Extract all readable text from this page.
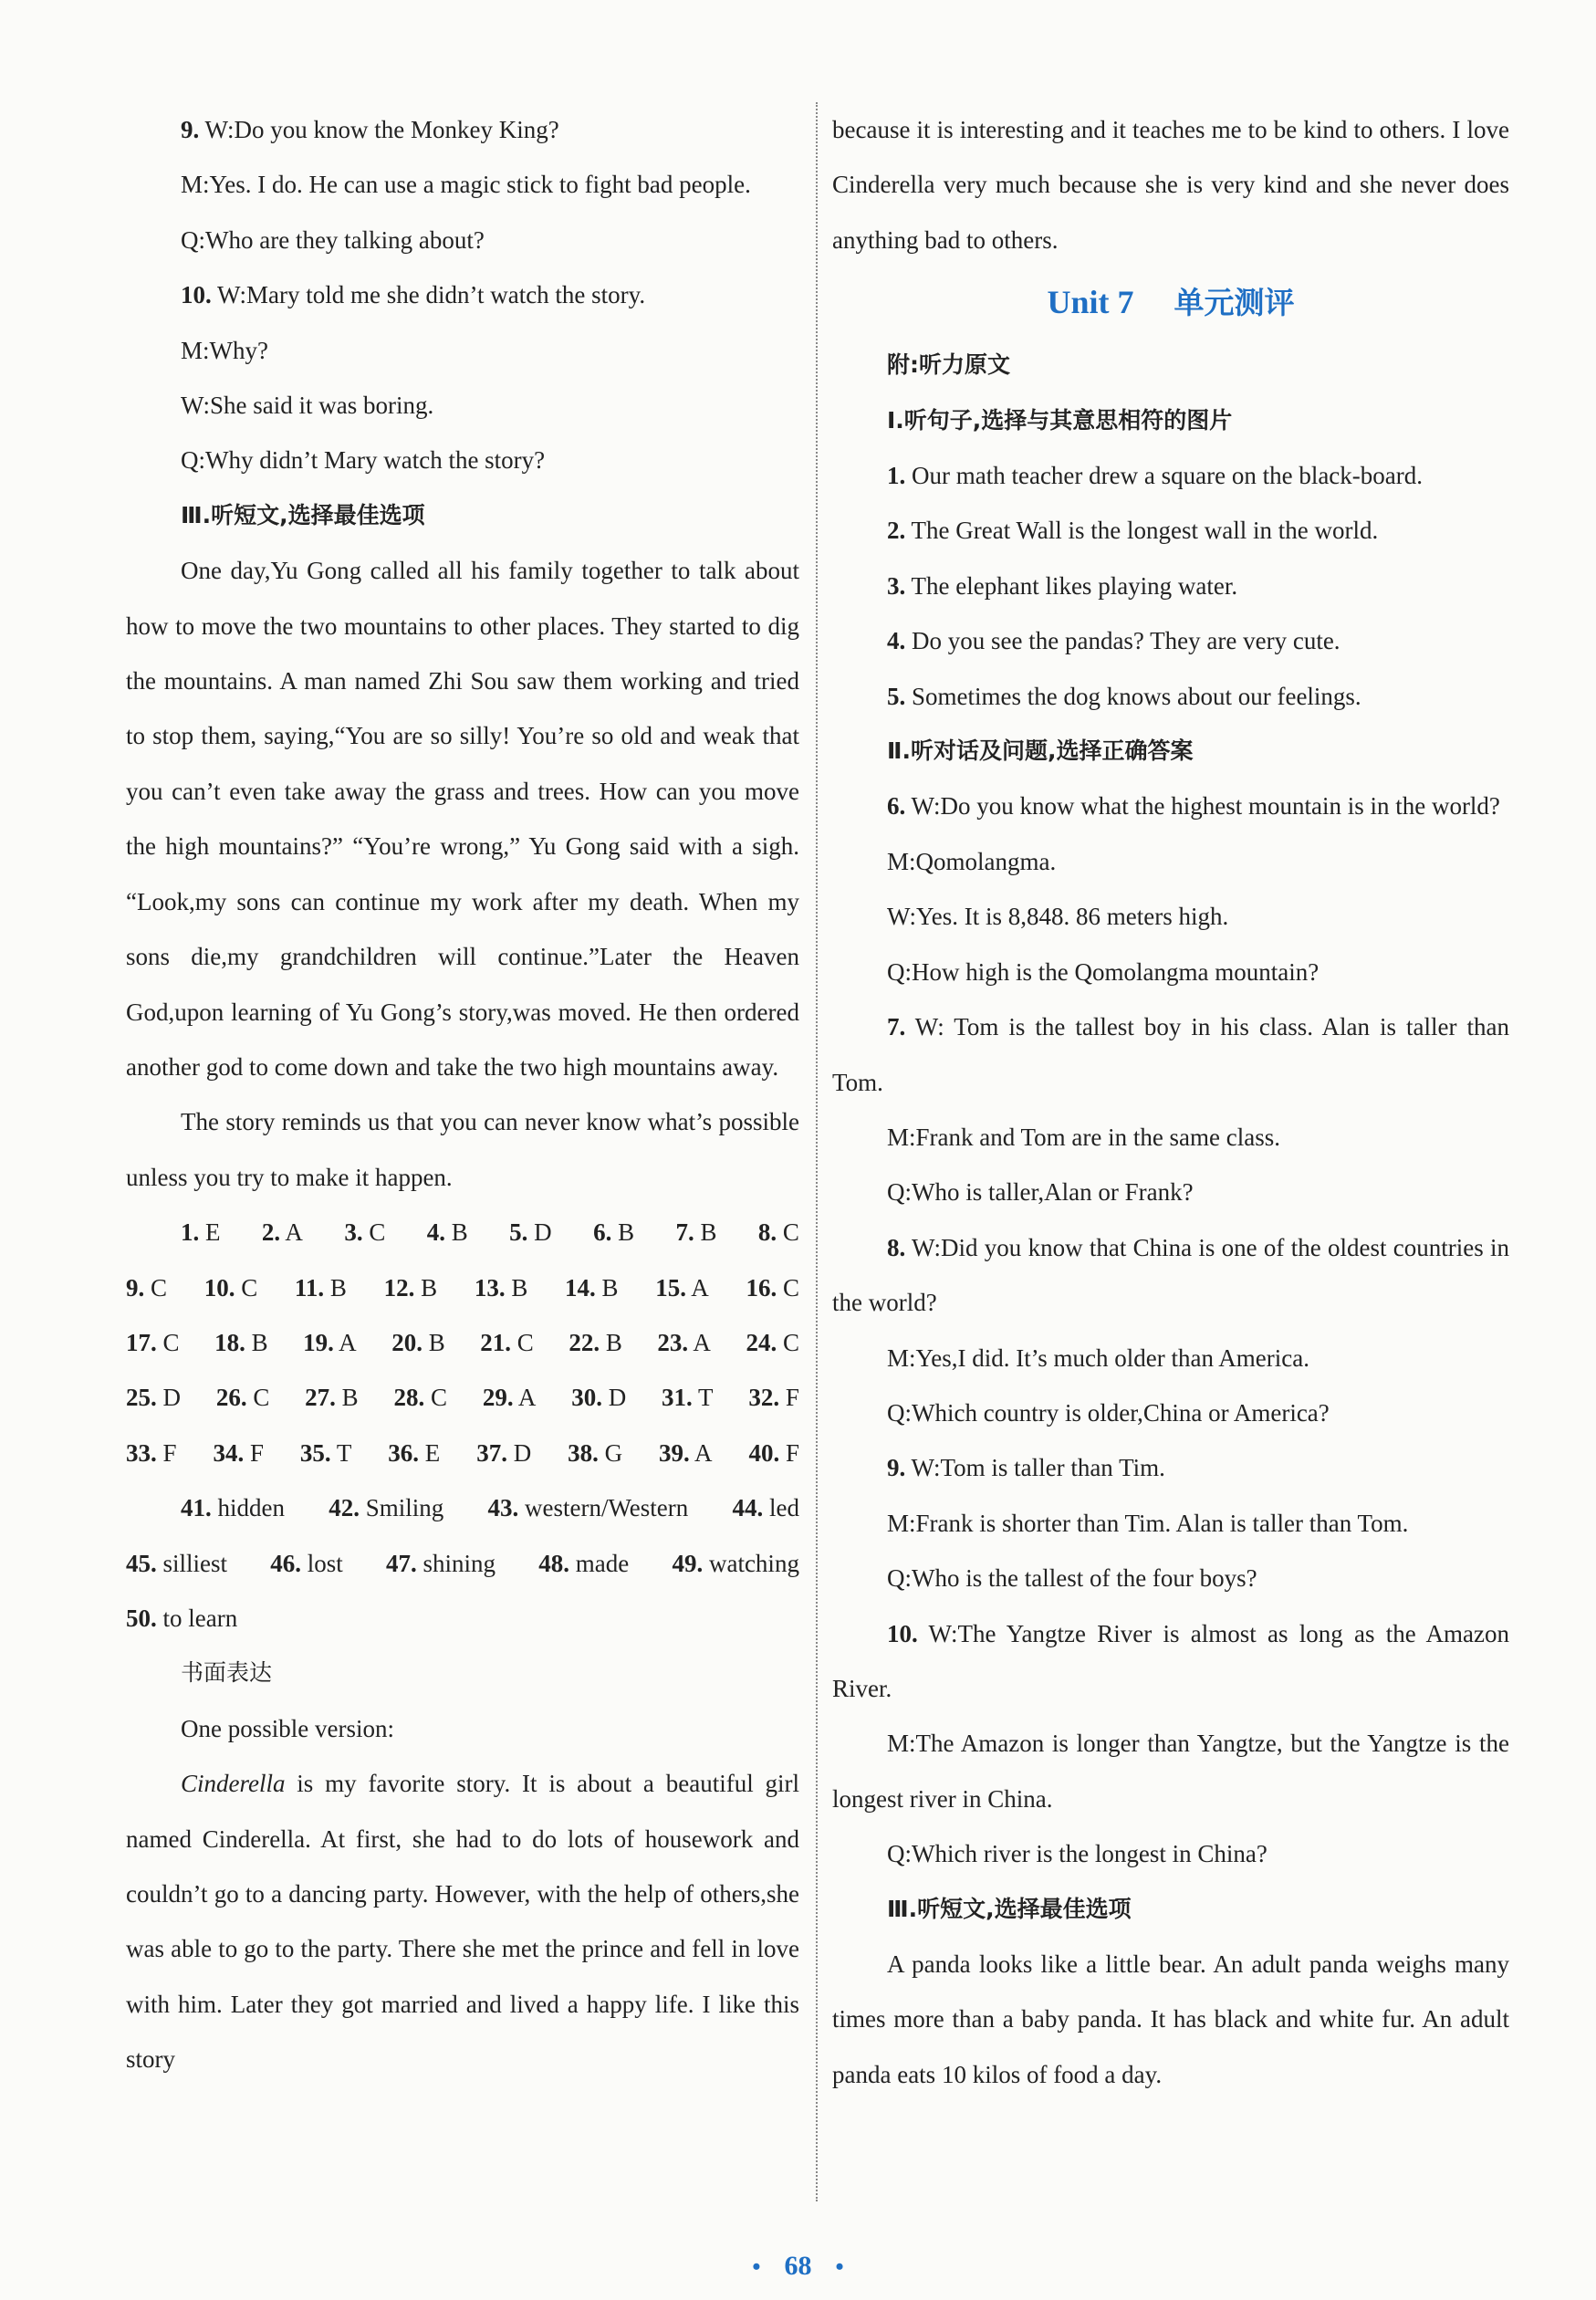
9. W:Do you know the Monkey King?

M:Yes. I do. He can use a magic stick to fight bad people.

Q:Who are they talking about?

10. W:Mary told me she didn’t watch the story.

M:Why?

W:She said it was boring.

Q:Why didn’t Mary watch the story?

Ⅲ.听短文,选择最佳选项

One day,Yu Gong called all his family together to talk about how to move the two mountains to other places. They started to dig the mountains. A man named Zhi Sou saw them working and tried to stop them, saying,“You are so silly! You’re so old and weak that you can’t even take away the grass and trees. How can you move the high mountains?” “You’re wrong,” Yu Gong said with a sigh. “Look,my sons can continue my work after my death. When my sons die,my grandchildren will continue.”Later the Heaven God,upon learning of Yu Gong’s story,was moved. He then ordered another god to come down and take the two high mountains away.

The story reminds us that you can never know what’s possible unless you try to make it happen.

1. E 2. A 3. C 4. B 5. D 6. B 7. B 8. C
9. C 10. C 11. B 12. B 13. B 14. B 15. A 16. C
17. C 18. B 19. A 20. B 21. C 22. B 23. A 24. C
25. D 26. C 27. B 28. C 29. A 30. D 31. T 32. F
33. F 34. F 35. T 36. E 37. D 38. G 39. A 40. F
41. hidden 42. Smiling 43. western/Western 44. led
45. silliest 46. lost 47. shining 48. made 49. watching
50. to learn

书面表达

One possible version:

Cinderella is my favorite story. It is about a beautiful girl named Cinderella. At first, she had to do lots of housework and couldn’t go to a dancing party. However, with the help of others,she was able to go to the party. There she met the prince and fell in love with him. Later they got married and lived a happy life. I like this story

because it is interesting and it teaches me to be kind to others. I love Cinderella very much because she is very kind and she never does anything bad to others.

Unit 7 单元测评

附:听力原文

Ⅰ.听句子,选择与其意思相符的图片

1. Our math teacher drew a square on the black-board.

2. The Great Wall is the longest wall in the world.

3. The elephant likes playing water.

4. Do you see the pandas? They are very cute.

5. Sometimes the dog knows about our feelings.

Ⅱ.听对话及问题,选择正确答案

6. W:Do you know what the highest mountain is in the world?

M:Qomolangma.

W:Yes. It is 8,848. 86 meters high.

Q:How high is the Qomolangma mountain?

7. W: Tom is the tallest boy in his class. Alan is taller than Tom.

M:Frank and Tom are in the same class.

Q:Who is taller,Alan or Frank?

8. W:Did you know that China is one of the oldest countries in the world?

M:Yes,I did. It’s much older than America.

Q:Which country is older,China or America?

9. W:Tom is taller than Tim.

M:Frank is shorter than Tim. Alan is taller than Tom.

Q:Who is the tallest of the four boys?

10. W:The Yangtze River is almost as long as the Amazon River.

M:The Amazon is longer than Yangtze, but the Yangtze is the longest river in China.

Q:Which river is the longest in China?

Ⅲ.听短文,选择最佳选项

A panda looks like a little bear. An adult panda weighs many times more than a baby panda. It has black and white fur. An adult panda eats 10 kilos of food a day.

• 68 •
